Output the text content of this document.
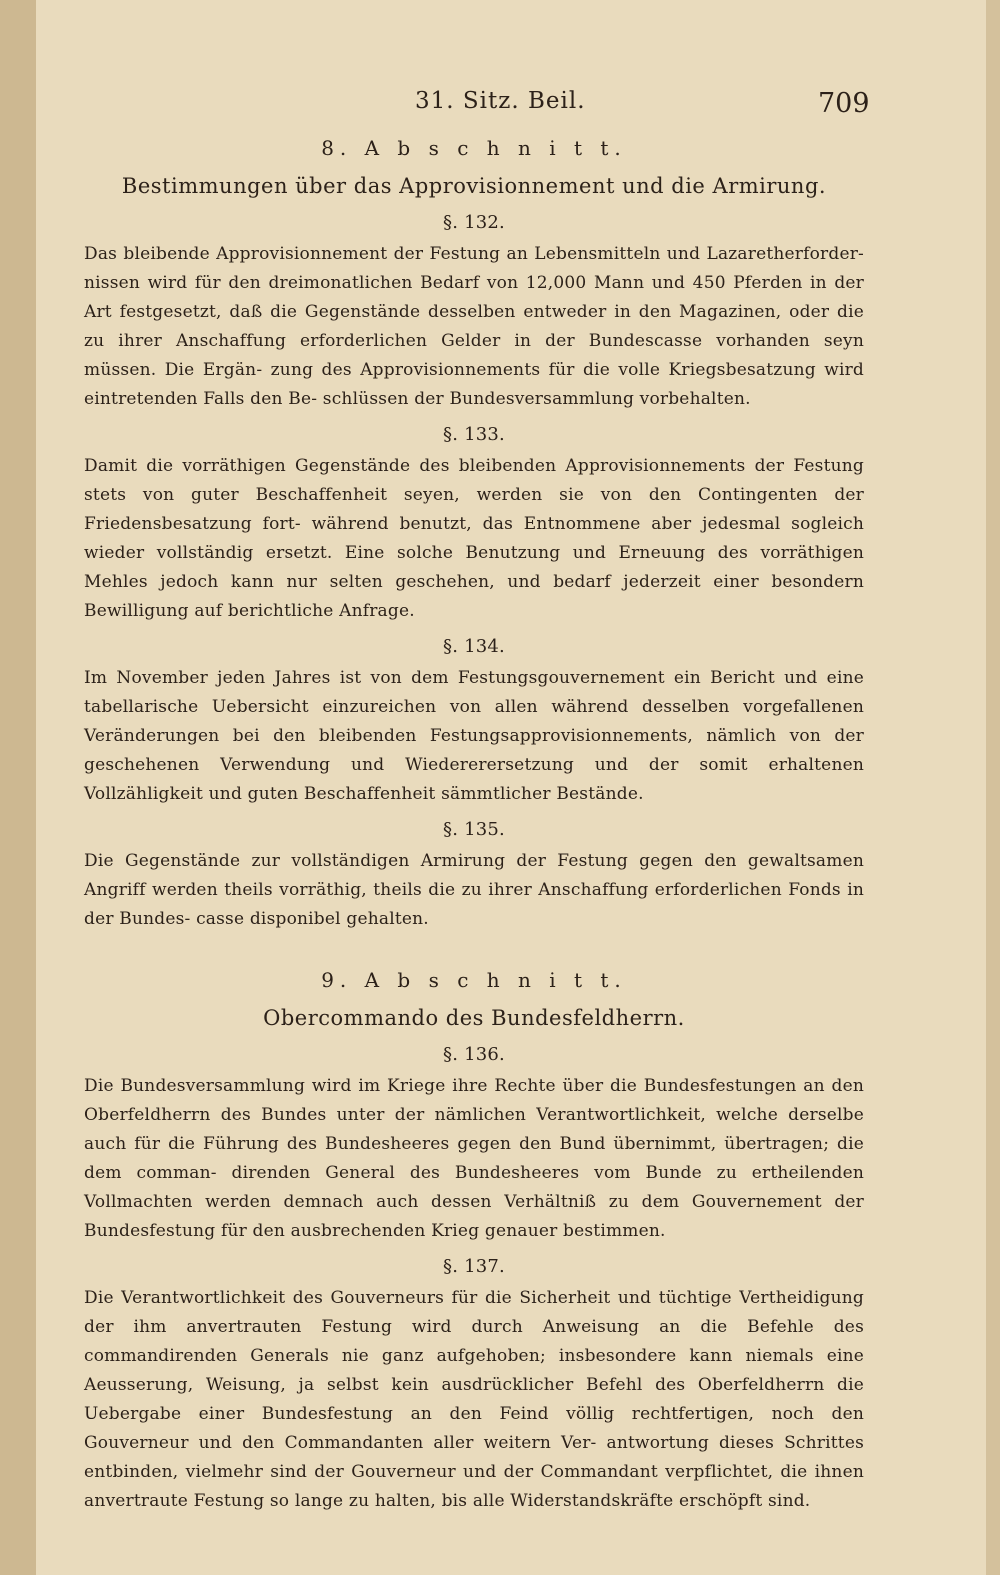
31. Sitz. Beil.	709
8. A b s c h n i t t.
Bestimmungen über das Approvisionnement und die Armirung.
§. 132.

Das bleibende Approvisionnement der Festung an Lebensmitteln und Lazaretherforder- nissen wird für den dreimonatlichen Bedarf von 12,000 Mann und 450 Pferden in der Art festgesetzt, daß die Gegenstände desselben entweder in den Magazinen, oder die zu ihrer Anschaffung erforderlichen Gelder in der Bundescasse vorhanden seyn müssen. Die Ergän- zung des Approvisionnements für die volle Kriegsbesatzung wird eintretenden Falls den Be- schlüssen der Bundesversammlung vorbehalten.

§. 133.

Damit die vorräthigen Gegenstände des bleibenden Approvisionnements der Festung stets von guter Beschaffenheit seyen, werden sie von den Contingenten der Friedensbesatzung fort- während benutzt, das Entnommene aber jedesmal sogleich wieder vollständig ersetzt. Eine solche Benutzung und Erneuung des vorräthigen Mehles jedoch kann nur selten geschehen, und bedarf jederzeit einer besondern Bewilligung auf berichtliche Anfrage.

§. 134.

Im November jeden Jahres ist von dem Festungsgouvernement ein Bericht und eine tabellarische Uebersicht einzureichen von allen während desselben vorgefallenen Veränderungen bei den bleibenden Festungsapprovisionnements, nämlich von der geschehenen Verwendung und Wiedererersetzung und der somit erhaltenen Vollzähligkeit und guten Beschaffenheit sämmtlicher Bestände.

§. 135.

Die Gegenstände zur vollständigen Armirung der Festung gegen den gewaltsamen Angriff werden theils vorräthig, theils die zu ihrer Anschaffung erforderlichen Fonds in der Bundes- casse disponibel gehalten.

9. A b s c h n i t t.
Obercommando des Bundesfeldherrn.
§. 136.

Die Bundesversammlung wird im Kriege ihre Rechte über die Bundesfestungen an den Oberfeldherrn des Bundes unter der nämlichen Verantwortlichkeit, welche derselbe auch für die Führung des Bundesheeres gegen den Bund übernimmt, übertragen; die dem comman- direnden General des Bundesheeres vom Bunde zu ertheilenden Vollmachten werden demnach auch dessen Verhältniß zu dem Gouvernement der Bundesfestung für den ausbrechenden Krieg genauer bestimmen.

§. 137.

Die Verantwortlichkeit des Gouverneurs für die Sicherheit und tüchtige Vertheidigung der ihm anvertrauten Festung wird durch Anweisung an die Befehle des commandirenden Generals nie ganz aufgehoben; insbesondere kann niemals eine Aeusserung, Weisung, ja selbst kein ausdrücklicher Befehl des Oberfeldherrn die Uebergabe einer Bundesfestung an den Feind völlig rechtfertigen, noch den Gouverneur und den Commandanten aller weitern Ver- antwortung dieses Schrittes entbinden, vielmehr sind der Gouverneur und der Commandant verpflichtet, die ihnen anvertraute Festung so lange zu halten, bis alle Widerstandskräfte erschöpft sind.
